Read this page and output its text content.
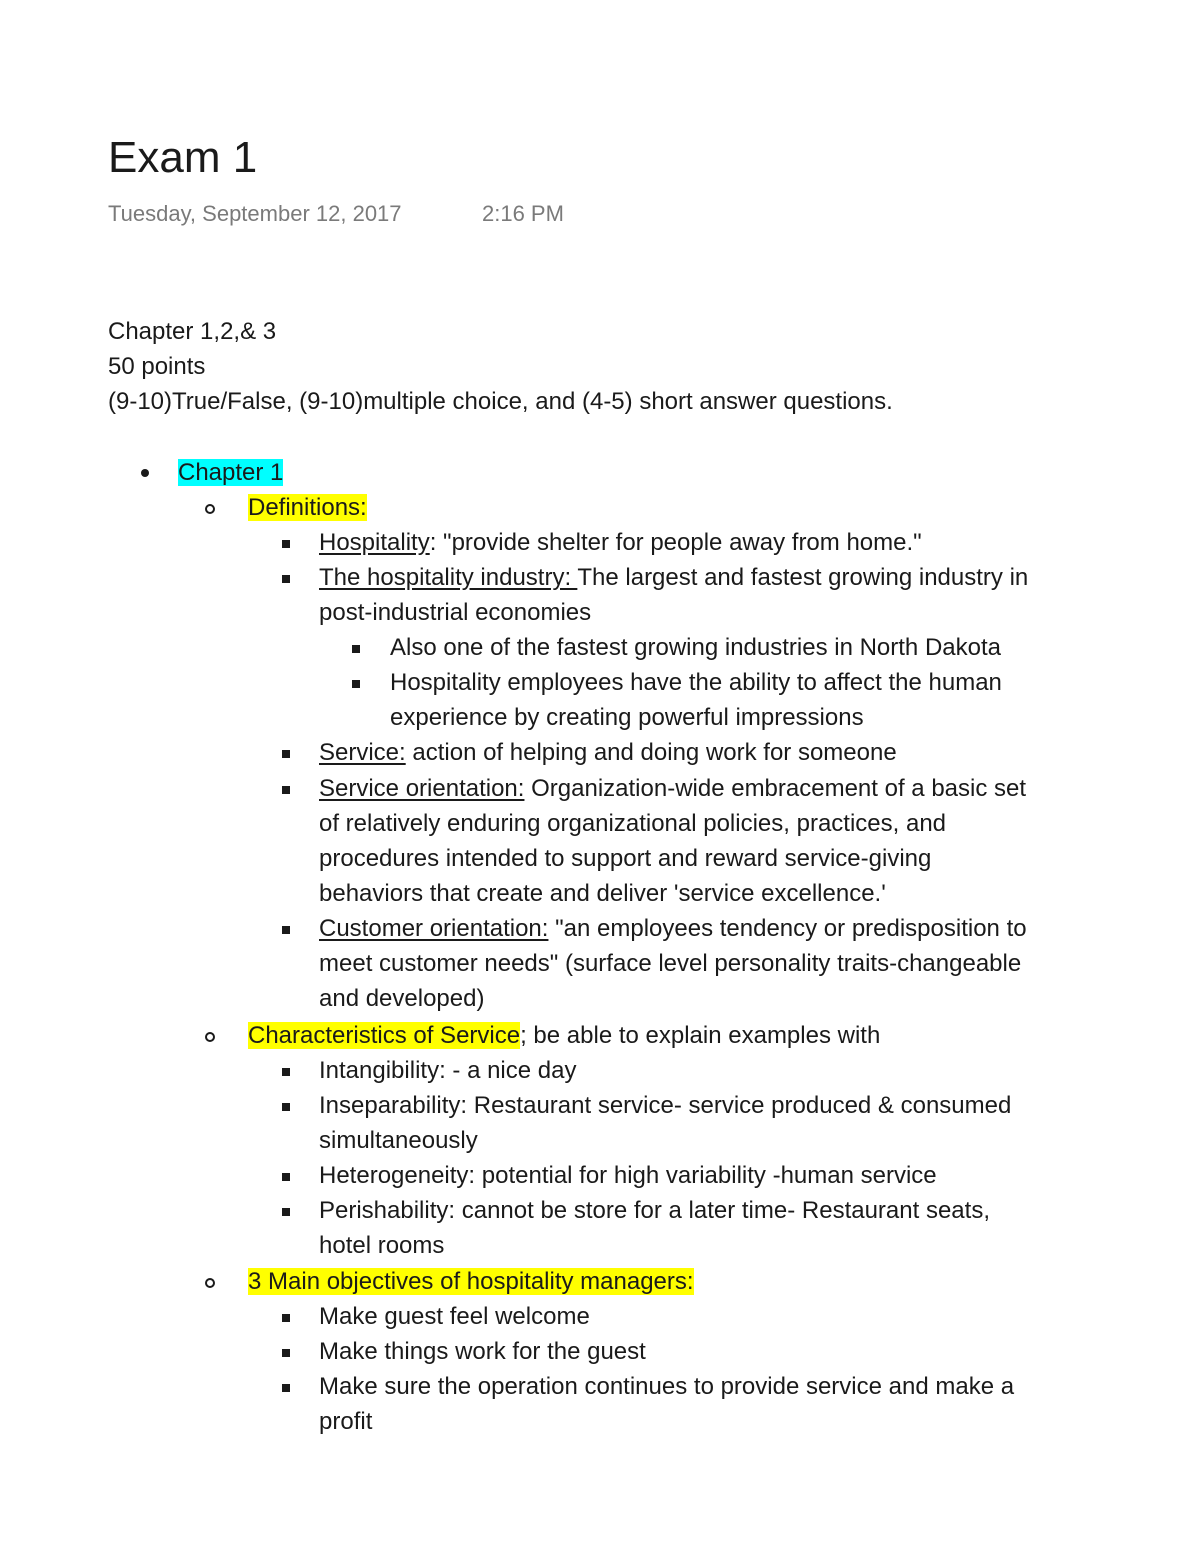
Exam 1
Tuesday, September 12, 2017	2:16 PM
Chapter 1,2,& 3
50 points
(9-10)True/False, (9-10)multiple choice, and (4-5) short answer questions.
Chapter 1
Definitions:
Hospitality: "provide shelter for people away from home."
The hospitality industry: The largest and fastest growing industry in
post-industrial economies
Also one of the fastest growing industries in North Dakota
Hospitality employees have the ability to affect the human
experience by creating powerful impressions
Service: action of helping and doing work for someone
Service orientation: Organization-wide embracement of a basic set
of relatively enduring organizational policies, practices, and
procedures intended to support and reward service-giving
behaviors that create and deliver 'service excellence.'
Customer orientation: "an employees tendency or predisposition to
meet customer needs" (surface level personality traits-changeable
and developed)
Characteristics of Service; be able to explain examples with
Intangibility: - a nice day
Inseparability: Restaurant service- service produced & consumed
simultaneously
Heterogeneity: potential for high variability -human service
Perishability: cannot be store for a later time- Restaurant seats,
hotel rooms
3 Main objectives of hospitality managers:
Make guest feel welcome
Make things work for the guest
Make sure the operation continues to provide service and make a
profit
